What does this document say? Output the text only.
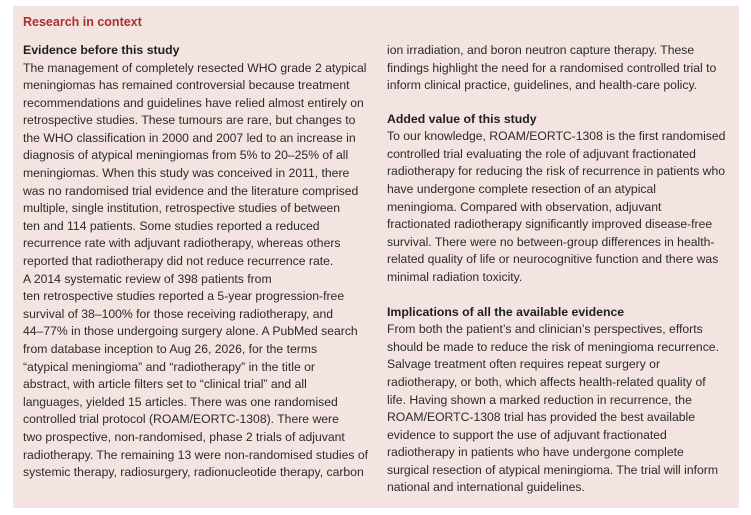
Research in context

Evidence before this study

The management of completely resected WHO grade 2 atypical
meningiomas has remained controversial because treatment
recommendations and guidelines have relied almost entirely on
retrospective studies. These tumours are rare, but changes to
the WHO classification in 2000 and 2007 led to an increase in
diagnosis of atypical meningiomas from 5% to 20–25% of all
meningiomas. When this study was conceived in 2011, there
was no randomised trial evidence and the literature comprised
multiple, single institution, retrospective studies of between
ten and 114 patients. Some studies reported a reduced
recurrence rate with adjuvant radiotherapy, whereas others
reported that radiotherapy did not reduce recurrence rate.
A 2014 systematic review of 398 patients from
ten retrospective studies reported a 5-year progression-free
survival of 38–100% for those receiving radiotherapy, and
44–77% in those undergoing surgery alone. A PubMed search
from database inception to Aug 26, 2026, for the terms
“atypical meningioma” and “radiotherapy” in the title or
abstract, with article filters set to “clinical trial” and all
languages, yielded 15 articles. There was one randomised
controlled trial protocol (ROAM/EORTC-1308). There were
two prospective, non-randomised, phase 2 trials of adjuvant
radiotherapy. The remaining 13 were non-randomised studies of
systemic therapy, radiosurgery, radionucleotide therapy, carbon

ion irradiation, and boron neutron capture therapy. These
findings highlight the need for a randomised controlled trial to
inform clinical practice, guidelines, and health-care policy.

Added value of this study

To our knowledge, ROAM/EORTC-1308 is the first randomised
controlled trial evaluating the role of adjuvant fractionated
radiotherapy for reducing the risk of recurrence in patients who
have undergone complete resection of an atypical
meningioma. Compared with observation, adjuvant
fractionated radiotherapy significantly improved disease-free
survival. There were no between-group differences in health-
related quality of life or neurocognitive function and there was
minimal radiation toxicity.

Implications of all the available evidence

From both the patient’s and clinician’s perspectives, efforts
should be made to reduce the risk of meningioma recurrence.
Salvage treatment often requires repeat surgery or
radiotherapy, or both, which affects health-related quality of
life. Having shown a marked reduction in recurrence, the
ROAM/EORTC-1308 trial has provided the best available
evidence to support the use of adjuvant fractionated
radiotherapy in patients who have undergone complete
surgical resection of atypical meningioma. The trial will inform
national and international guidelines.
